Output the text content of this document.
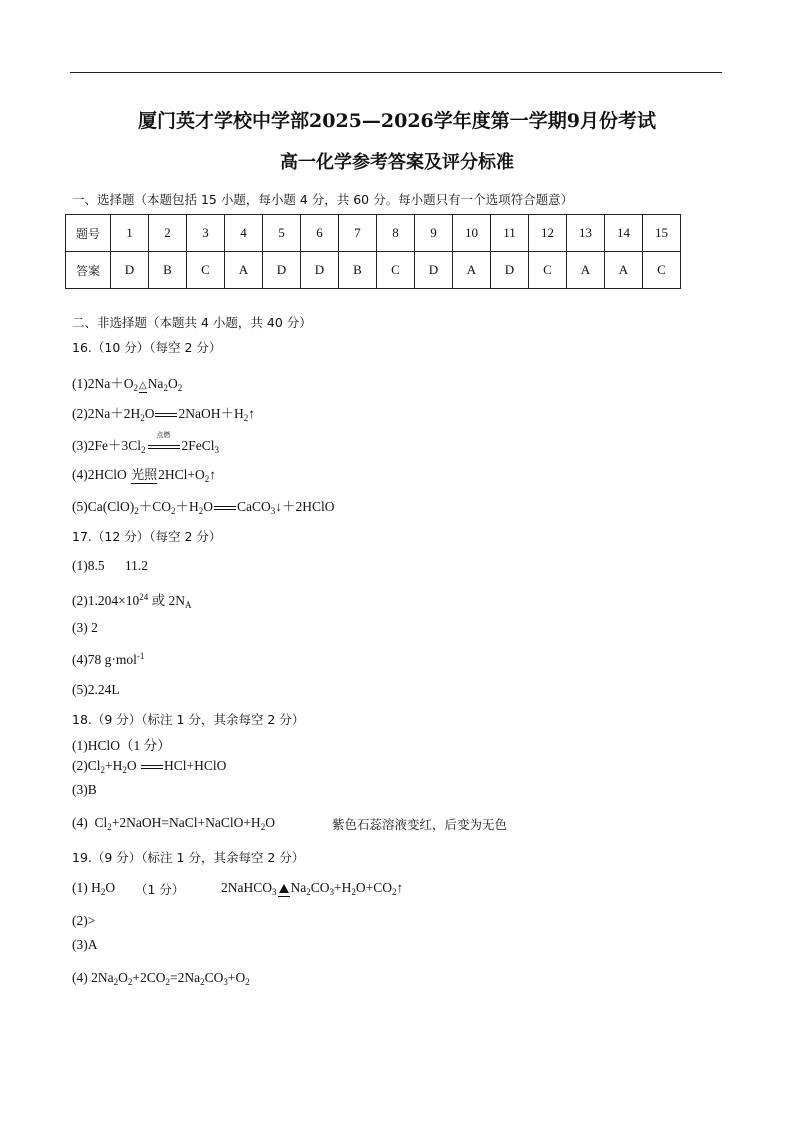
厦门英才学校中学部2025—2026学年度第一学期9月份考试
高一化学参考答案及评分标准
一、选择题（本题包括 15 小题，每小题 4 分，共 60 分。每小题只有一个选项符合题意）
题号	1	2	3	4	5	6	7	8	9	10	11	12	13	14	15
答案	D	B	C	A	D	D	B	C	D	A	D	C	A	A	C
二、非选择题（本题共 4 小题，共 40 分）
16.（10 分）（每空 2 分）
$(1)2Na+O_2\triangle Na_2O_2$
$(2)2Na+2H_2O$ $2NaOH+H_2↑$
$(3)2Fe+3Cl_2$
点燃
2FeCl$_3$
(4)2HClO 光照$2HCl+O_2↑$
$(5)Ca(ClO)_2+CO_2+H_2O$ CaCO$_3$↓＋2HClO
17.（12 分）（每空 2 分）
(1)8.5      11.2
$(2)1.204\times 10^{24}$ 或 $2N_A$
(3) 2
(4)78 g·mol$^{-1}$
(5)2.24L
18.（9 分）（标注 1 分，其余每空 2 分）
(1)HClO（1 分）
$(2)Cl_2+H_2O$ HCl+HClO
(3)B
(4)  $Cl_2+2NaOH=NaCl+NaClO+H_2O$	紫色石蕊溶液变红，后变为无色
19.（9 分）（标注 1 分，其余每空 2 分）
(1) $H_2O$ （1 分）	2NaHCO$_3$ $Na_2CO_3+H_2O+CO_2↑$
(2)>
(3)A
(4) $2Na_2O_2+2CO_2=2Na_2CO_3+O_2$
